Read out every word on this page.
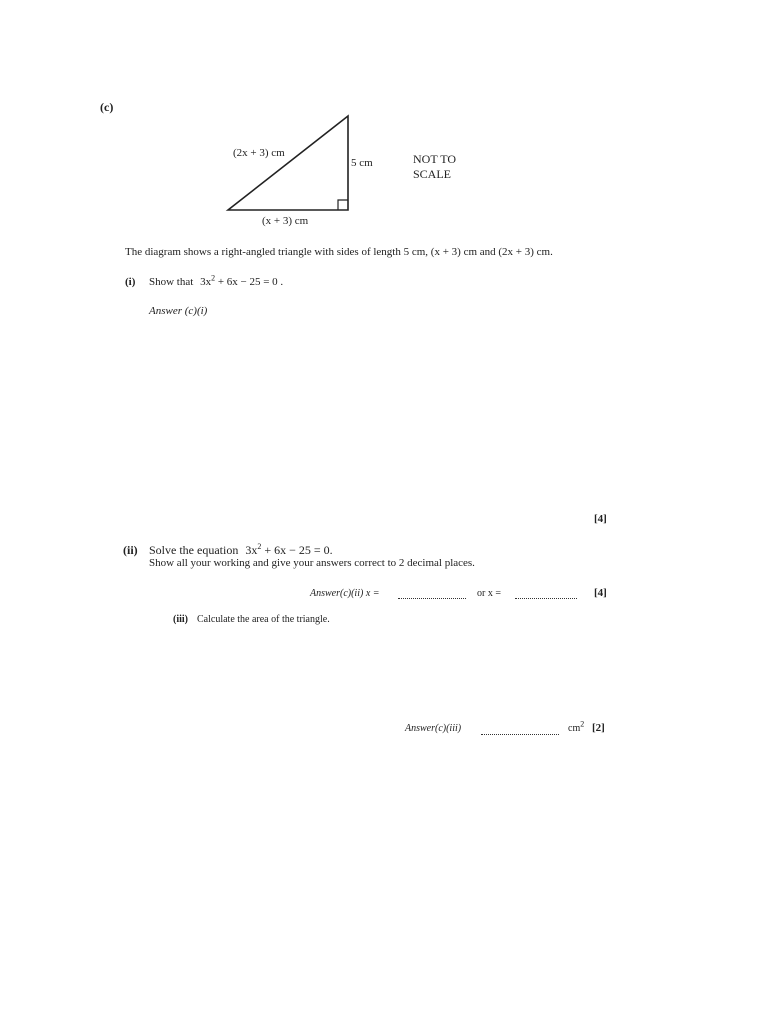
(c)
(2x + 3) cm
5 cm
(x + 3) cm
NOT TO
SCALE
The diagram shows a right-angled triangle with sides of length 5 cm, (x + 3) cm and (2x + 3) cm.
(i) Show that $3x^2 + 6x - 25 = 0$ .
Answer (c)(i)
[4]
(ii) Solve the equation $3x^2 + 6x - 25 = 0$.
Show all your working and give your answers correct to 2 decimal places.
Answer(c)(ii) x =	or x =	[4]
(iii) Calculate the area of the triangle.
Answer(c)(iii)	$cm^2$ [2]
